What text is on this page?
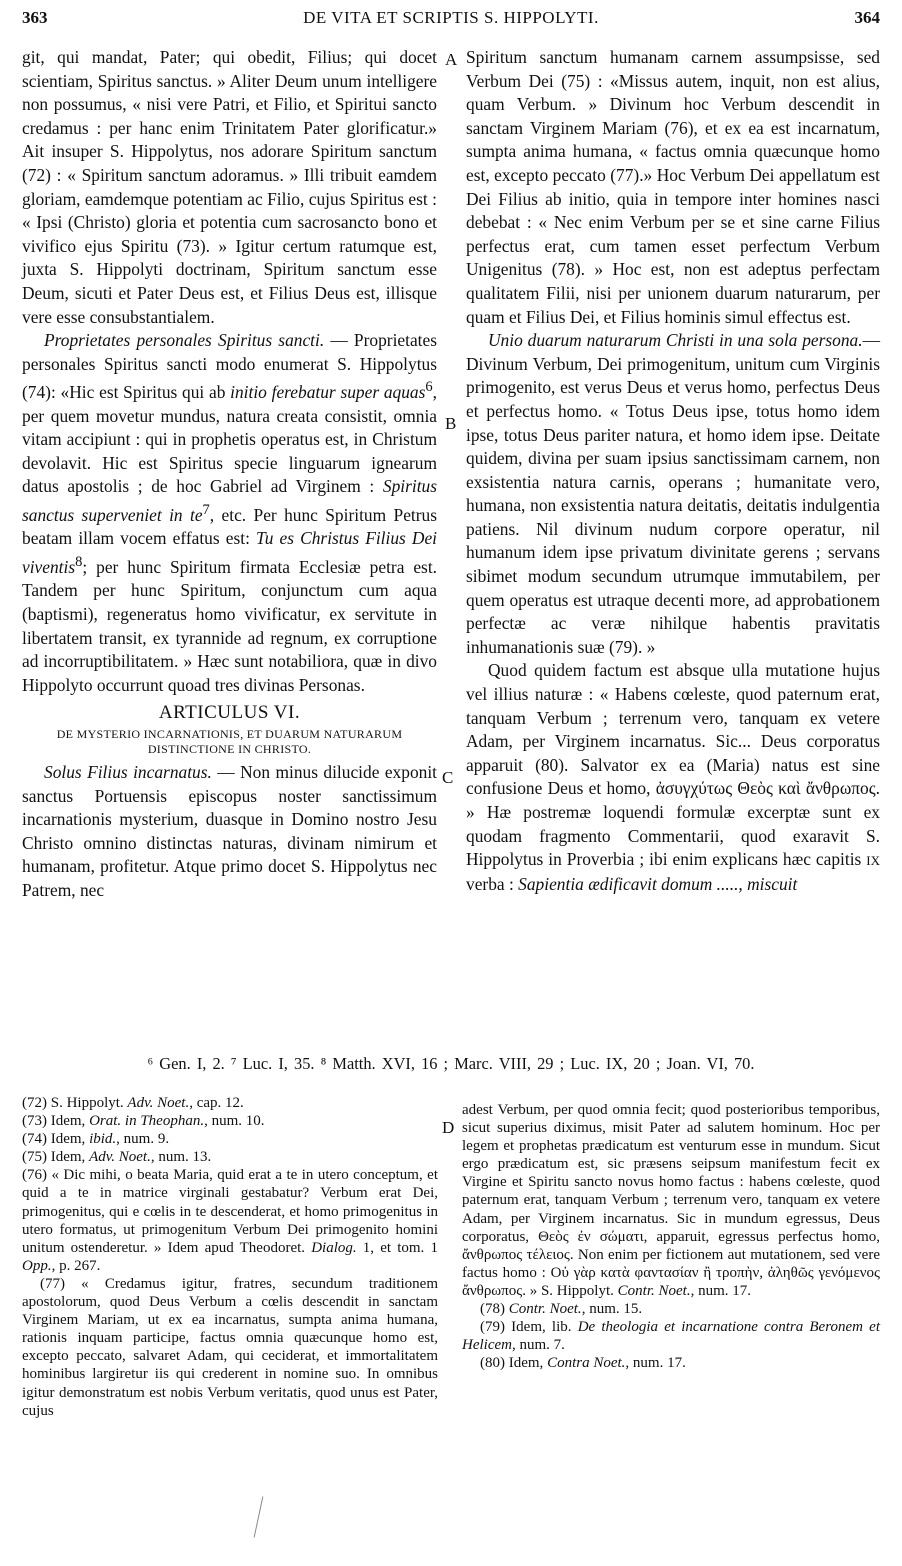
363	DE VITA ET SCRIPTIS S. HIPPOLYTI.	364

git, qui mandat, Pater; qui obedit, Filius; qui docet scientiam, Spiritus sanctus. » Aliter Deum unum intelligere non possumus, « nisi vere Patri, et Filio, et Spiritui sancto credamus : per hanc enim Trinitatem Pater glorificatur.» Ait insuper S. Hippolytus, nos adorare Spiritum sanctum (72) : « Spiritum sanctum adoramus. » Illi tribuit eamdem gloriam, eamdemque potentiam ac Filio, cujus Spiritus est : « Ipsi (Christo) gloria et potentia cum sacrosancto bono et vivifico ejus Spiritu (73). » Igitur certum ratumque est, juxta S. Hippolyti doctrinam, Spiritum sanctum esse Deum, sicuti et Pater Deus est, et Filius Deus est, illisque vere esse consubstantialem.

Proprietates personales Spiritus sancti. — Proprietates personales Spiritus sancti modo enumerat S. Hippolytus (74): «Hic est Spiritus qui ab initio ferebatur super aquas$^6$, per quem movetur mundus, natura creata consistit, omnia vitam accipiunt : qui in prophetis operatus est, in Christum devolavit. Hic est Spiritus specie linguarum ignearum datus apostolis ; de hoc Gabriel ad Virginem : Spiritus sanctus superveniet in $te^7$, etc. Per hunc Spiritum Petrus beatam illam vocem effatus est: Tu es Christus Filius Dei viventis$^8$; per hunc Spiritum firmata Ecclesiæ petra est. Tandem per hunc Spiritum, conjunctum cum aqua (baptismi), regeneratus homo vivificatur, ex servitute in libertatem transit, ex tyrannide ad regnum, ex corruptione ad incorruptibilitatem. » Hæc sunt notabiliora, quæ in divo Hippolyto occurrunt quoad tres divinas Personas.

ARTICULUS VI.
DE MYSTERIO INCARNATIONIS, ET DUARUM NATURARUM DISTINCTIONE IN CHRISTO.

Solus Filius incarnatus. — Non minus dilucide exponit sanctus Portuensis episcopus noster sanctissimum incarnationis mysterium, duasque in Domino nostro Jesu Christo omnino distinctas naturas, divinam nimirum et humanam, profitetur. Atque primo docet S. Hippolytus nec Patrem, nec

A
B
C
D

Spiritum sanctum humanam carnem assumpsisse, sed Verbum Dei (75) : «Missus autem, inquit, non est alius, quam Verbum. » Divinum hoc Verbum descendit in sanctam Virginem Mariam (76), et ex ea est incarnatum, sumpta anima humana, « factus omnia quæcunque homo est, excepto peccato (77).» Hoc Verbum Dei appellatum est Dei Filius ab initio, quia in tempore inter homines nasci debebat : « Nec enim Verbum per se et sine carne Filius perfectus erat, cum tamen esset perfectum Verbum Unigenitus (78). » Hoc est, non est adeptus perfectam qualitatem Filii, nisi per unionem duarum naturarum, per quam et Filius Dei, et Filius hominis simul effectus est.

Unio duarum naturarum Christi in una sola persona.— Divinum Verbum, Dei primogenitum, unitum cum Virginis primogenito, est verus Deus et verus homo, perfectus Deus et perfectus homo. « Totus Deus ipse, totus homo idem ipse, totus Deus pariter natura, et homo idem ipse. Deitate quidem, divina per suam ipsius sanctissimam carnem, non exsistentia natura carnis, operans ; humanitate vero, humana, non exsistentia natura deitatis, deitatis indulgentia patiens. Nil divinum nudum corpore operatur, nil humanum idem ipse privatum divinitate gerens ; servans sibimet modum secundum utrumque immutabilem, per quem operatus est utraque decenti more, ad approbationem perfectæ ac veræ nihilque habentis pravitatis inhumanationis suæ (79). »

Quod quidem factum est absque ulla mutatione hujus vel illius naturæ : « Habens cœleste, quod paternum erat, tanquam Verbum ; terrenum vero, tanquam ex vetere Adam, per Virginem incarnatus. Sic... Deus corporatus apparuit (80). Salvator ex ea (Maria) natus est sine confusione Deus et homo, ἀσυγχύτως Θεὸς καὶ ἄνθρωπος. » Hæ postremæ loquendi formulæ excerptæ sunt ex quodam fragmento Commentarii, quod exaravit S. Hippolytus in Proverbia ; ibi enim explicans hæc capitis IX verba : Sapientia ædificavit domum ....., miscuit

⁶ Gen. I, 2. ⁷ Luc. I, 35. ⁸ Matth. XVI, 16 ; Marc. VIII, 29 ; Luc. IX, 20 ; Joan. VI, 70.

(72) S. Hippolyt. Adv. Noet., cap. 12.

(73) Idem, Orat. in Theophan., num. 10.

(74) Idem, ibid., num. 9.

(75) Idem, Adv. Noet., num. 13.

(76) « Dic mihi, o beata Maria, quid erat a te in utero conceptum, et quid a te in matrice virginali gestabatur? Verbum erat Dei, primogenitus, qui e cœlis in te descenderat, et homo primogenitus in utero formatus, ut primogenitum Verbum Dei primogenito homini unitum ostenderetur. » Idem apud Theodoret. Dialog. 1, et tom. 1 Opp., p. 267.

(77) « Credamus igitur, fratres, secundum traditionem apostolorum, quod Deus Verbum a cœlis descendit in sanctam Virginem Mariam, ut ex ea incarnatus, sumpta anima humana, rationis inquam participe, factus omnia quæcunque homo est, excepto peccato, salvaret Adam, qui ceciderat, et immortalitatem hominibus largiretur iis qui crederent in nomine suo. In omnibus igitur demonstratum est nobis Verbum veritatis, quod unus est Pater, cujus

adest Verbum, per quod omnia fecit; quod posterioribus temporibus, sicut superius diximus, misit Pater ad salutem hominum. Hoc per legem et prophetas prædicatum est venturum esse in mundum. Sicut ergo prædicatum est, sic præsens seipsum manifestum fecit ex Virgine et Spiritu sancto novus homo factus : habens cœleste, quod paternum erat, tanquam Verbum ; terrenum vero, tanquam ex vetere Adam, per Virginem incarnatus. Sic in mundum egressus, Deus corporatus, Θεὸς ἐν σώματι, apparuit, egressus perfectus homo, ἄνθρωπος τέλειος. Non enim per fictionem aut mutationem, sed vere factus homo : Οὐ γὰρ κατὰ φαντασίαν ἢ τροπὴν, ἀληθῶς γενόμενος ἄνθρωπος. » S. Hippolyt. Contr. Noet., num. 17.

(78) Contr. Noet., num. 15.

(79) Idem, lib. De theologia et incarnatione contra Beronem et Helicem, num. 7.

(80) Idem, Contra Noet., num. 17.
